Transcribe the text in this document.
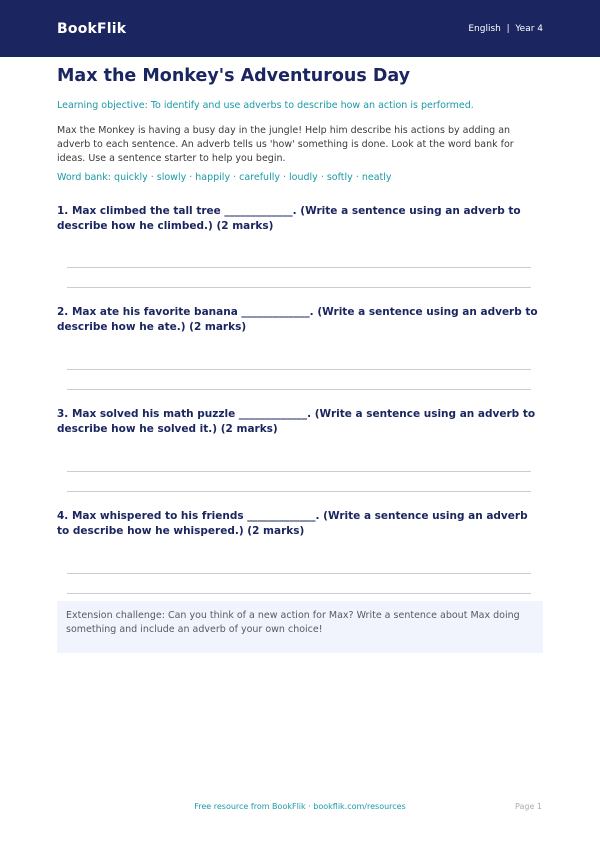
BookFlik	English  |  Year 4
Max the Monkey's Adventurous Day
Learning objective: To identify and use adverbs to describe how an action is performed.
Max the Monkey is having a busy day in the jungle! Help him describe his actions by adding an adverb to each sentence. An adverb tells us 'how' something is done. Look at the word bank for ideas. Use a sentence starter to help you begin.
Word bank: quickly · slowly · happily · carefully · loudly · softly · neatly
1. Max climbed the tall tree _____________. (Write a sentence using an adverb to describe how he climbed.) (2 marks)
2. Max ate his favorite banana _____________. (Write a sentence using an adverb to describe how he ate.) (2 marks)
3. Max solved his math puzzle _____________. (Write a sentence using an adverb to describe how he solved it.) (2 marks)
4. Max whispered to his friends _____________. (Write a sentence using an adverb to describe how he whispered.) (2 marks)
Extension challenge: Can you think of a new action for Max? Write a sentence about Max doing something and include an adverb of your own choice!
Free resource from BookFlik · bookflik.com/resources	Page 1
